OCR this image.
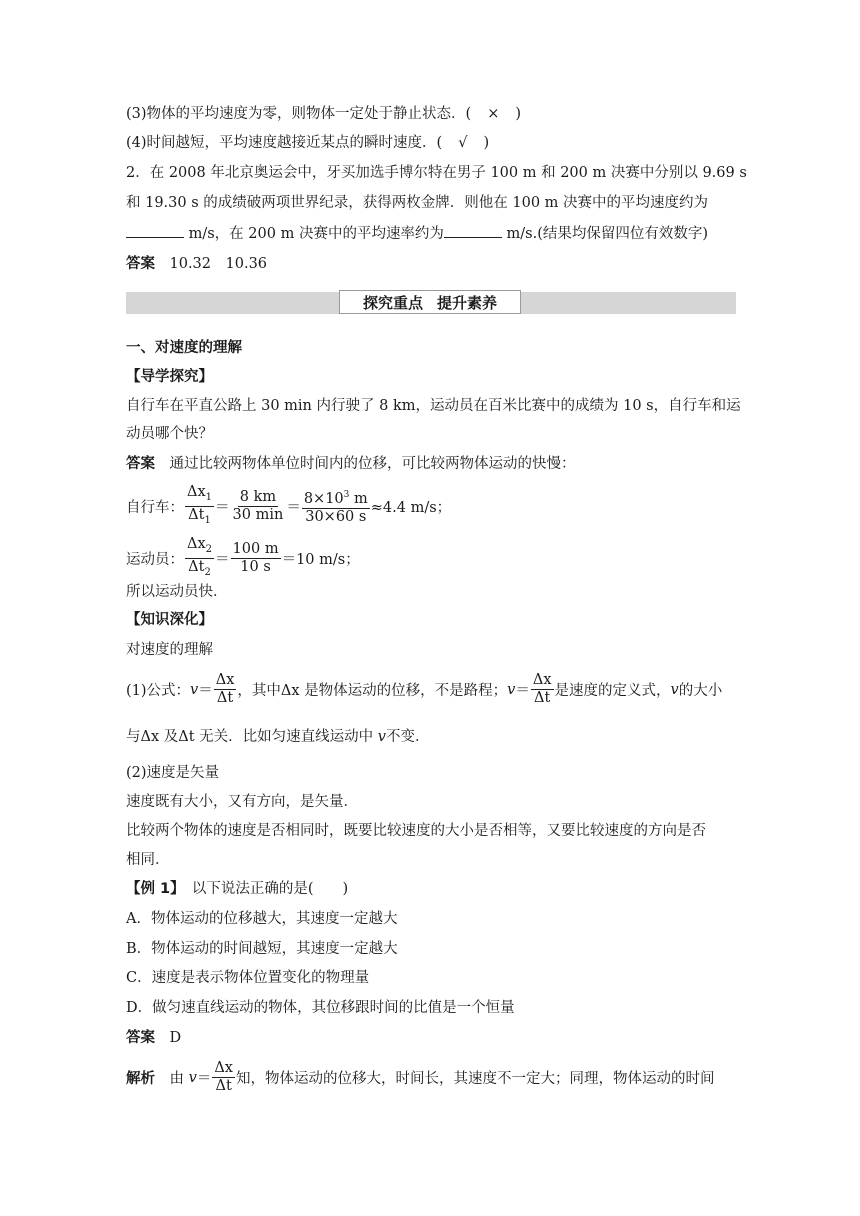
(3)物体的平均速度为零，则物体一定处于静止状态．( × )
(4)时间越短，平均速度越接近某点的瞬时速度．( √ )
2．在 2008 年北京奥运会中，牙买加选手博尔特在男子 100 m 和 200 m 决赛中分别以 9.69 s
和 19.30 s 的成绩破两项世界纪录，获得两枚金牌．则他在 100 m 决赛中的平均速度约为
m/s，在 200 m 决赛中的平均速率约为	m/s.(结果均保留四位有效数字)
答案　 10.32　10.36
探究重点 提升素养
一、对速度的理解
【导学探究】
自行车在平直公路上 30 min 内行驶了 8 km，运动员在百米比赛中的成绩为 10 s，自行车和运
动员哪个快？
答案　 通过比较两物体单位时间内的位移，可比较两物体运动的快慢：
自行车： $\frac{\Delta x_1}{\Delta t_1} = \frac{8 km}{30 \min} = \frac{8\times 10^3 m}{30\times 60 s} \approx 4.4$ m/s；
运动员： $\frac{\Delta x_2}{\Delta t_2} = \frac{100 m}{10 s} =10$ m/s；
所以运动员快．
【知识深化】
对速度的理解
(1)公式： $v = \frac{\Delta x}{\Delta t}$ ，其中Δx 是物体运动的位移，不是路程； $v = \frac{\Delta x}{\Delta t}$ 是速度的定义式， v 的大小
与Δx 及Δt 无关．比如匀速直线运动中 v不变．
(2)速度是矢量
速度既有大小，又有方向，是矢量．
比较两个物体的速度是否相同时，既要比较速度的大小是否相等，又要比较速度的方向是否
相同．
【例 1】　 以下说法正确的是(　　)
A．物体运动的位移越大，其速度一定越大
B．物体运动的时间越短，其速度一定越大
C．速度是表示物体位置变化的物理量
D．做匀速直线运动的物体，其位移跟时间的比值是一个恒量
答案　 D
解析
　 由
$v = \frac{\Delta x}{\Delta t}$ 知，物体运动的位移大，时间长，其速度不一定大；同理，物体运动的时间
